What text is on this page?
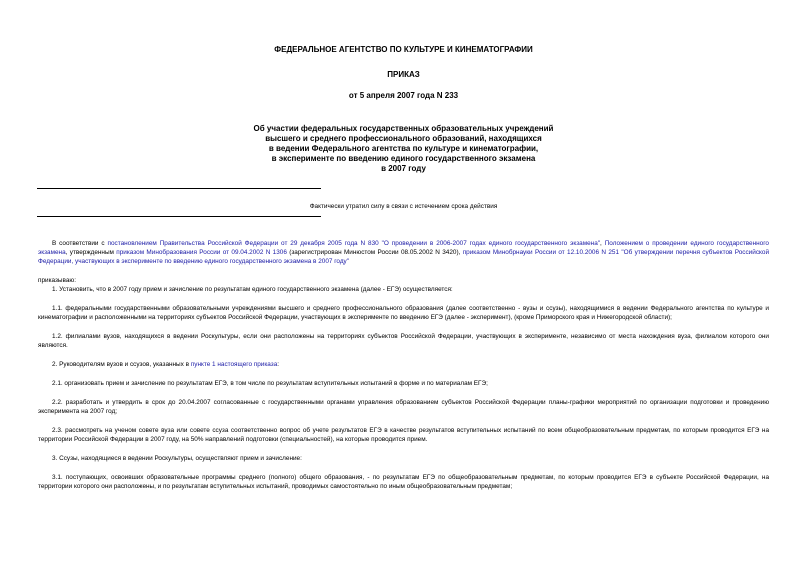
ФЕДЕРАЛЬНОЕ АГЕНТСТВО ПО КУЛЬТУРЕ И КИНЕМАТОГРАФИИ
ПРИКАЗ
от 5 апреля 2007 года N 233
Об участии федеральных государственных образовательных учреждений
высшего и среднего профессионального образований, находящихся
в ведении Федерального агентства по культуре и кинематографии,
в эксперименте по введению единого государственного экзамена
в 2007 году
Фактически утратил силу в связи с истечением срока действия

В соответствии с постановлением Правительства Российской Федерации от 29 декабря 2005 года N 830 "О проведении в 2006-2007 годах единого государственного экзамена", Положением о проведении единого государственного экзамена, утвержденным приказом Минобразования России от 09.04.2002 N 1306 (зарегистрирован Минюстом России 08.05.2002 N 3420), приказом Минобрнауки России от 12.10.2006 N 251 "Об утверждении перечня субъектов Российской Федерации, участвующих в эксперименте по введению единого государственного экзамена в 2007 году"

приказываю:

1. Установить, что в 2007 году прием и зачисление по результатам единого государственного экзамена (далее - ЕГЭ) осуществляется:

1.1. федеральными государственными образовательными учреждениями высшего и среднего профессионального образования (далее соответственно - вузы и ссузы), находящимися в ведении Федерального агентства по культуре и кинематографии и расположенными на территориях субъектов Российской Федерации, участвующих в эксперименте по введению ЕГЭ (далее - эксперимент), (кроме Приморского края и Нижегородской области);

1.2. филиалами вузов, находящихся в ведении Роскультуры, если они расположены на территориях субъектов Российской Федерации, участвующих в эксперименте, независимо от места нахождения вуза, филиалом которого они являются.

2. Руководителям вузов и ссузов, указанных в пункте 1 настоящего приказа:

2.1. организовать прием и зачисление по результатам ЕГЭ, в том числе по результатам вступительных испытаний в форме и по материалам ЕГЭ;

2.2. разработать и утвердить в срок до 20.04.2007 согласованные с государственными органами управления образованием субъектов Российской Федерации планы-графики мероприятий по организации подготовки и проведению эксперимента на 2007 год;

2.3. рассмотреть на ученом совете вуза или совете ссуза соответственно вопрос об учете результатов ЕГЭ в качестве результатов вступительных испытаний по всем общеобразовательным предметам, по которым проводится ЕГЭ на территории Российской Федерации в 2007 году, на 50% направлений подготовки (специальностей), на которые проводится прием.

3. Ссузы, находящиеся в ведении Роскультуры, осуществляют прием и зачисление:

3.1. поступающих, освоивших образовательные программы среднего (полного) общего образования, - по результатам ЕГЭ по общеобразовательным предметам, по которым проводится ЕГЭ в субъекте Российской Федерации, на территории которого они расположены, и по результатам вступительных испытаний, проводимых самостоятельно по иным общеобразовательным предметам;
